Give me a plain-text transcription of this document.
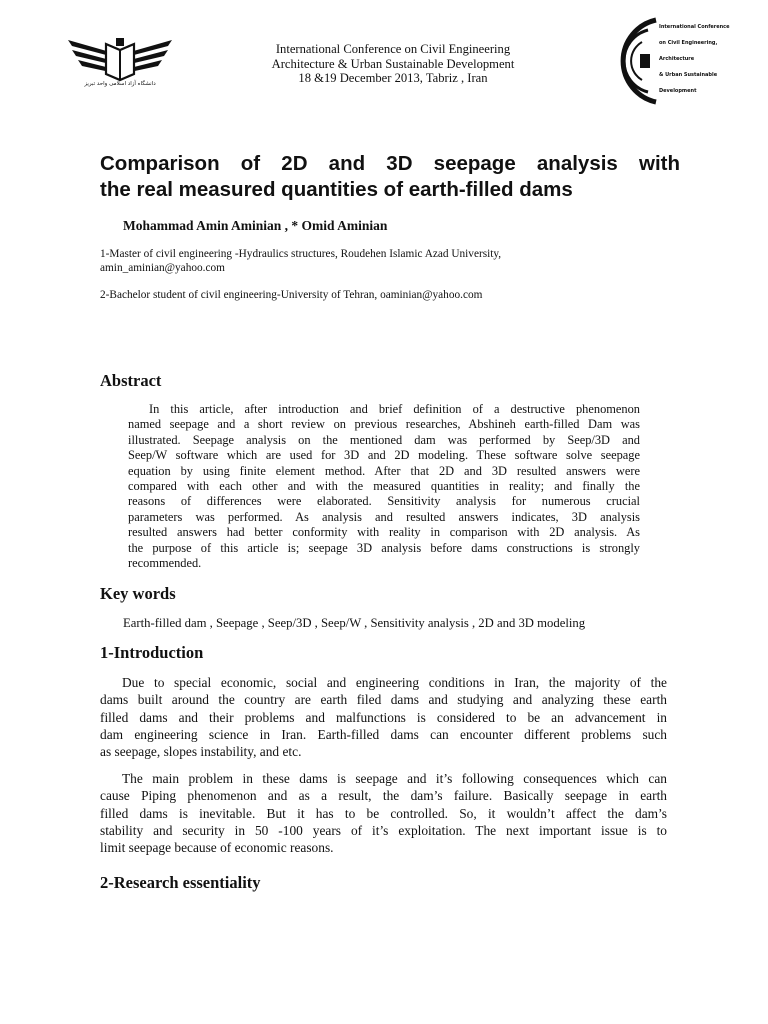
دانشگاه آزاد اسلامی واحد تبریز
International Conference on Civil Engineering
Architecture & Urban Sustainable Development
18 &19 December 2013, Tabriz , Iran
International Conference
on Civil Engineering,
Architecture
& Urban Sustainable
Development
Comparison of 2D and 3D seepage analysis with
the real measured quantities of earth-filled dams
Mohammad Amin Aminian , * Omid Aminian
1-Master of civil engineering -Hydraulics structures, Roudehen Islamic Azad University,
amin_aminian@yahoo.com
2-Bachelor student of civil engineering-University of Tehran, oaminian@yahoo.com
Abstract
In this article, after introduction and brief definition of a destructive phenomenon
named seepage and a short review on previous researches, Abshineh earth-filled Dam was
illustrated. Seepage analysis on the mentioned dam was performed by Seep/3D and
Seep/W software which are used for 3D and 2D modeling. These software solve seepage
equation by using finite element method. After that 2D and 3D resulted answers were
compared with each other and with the measured quantities in reality; and finally the
reasons of differences were elaborated. Sensitivity analysis for numerous crucial
parameters was performed. As analysis and resulted answers indicates, 3D analysis
resulted answers had better conformity with reality in comparison with 2D analysis. As
the purpose of this article is; seepage 3D analysis before dams constructions is strongly
recommended.
Key words
Earth-filled dam , Seepage , Seep/3D , Seep/W , Sensitivity analysis , 2D and 3D modeling
1-Introduction
Due to special economic, social and engineering conditions in Iran, the majority of the
dams built around the country are earth filed dams and studying and analyzing these earth
filled dams and their problems and malfunctions is considered to be an advancement in
dam engineering science in Iran. Earth-filled dams can encounter different problems such
as seepage, slopes instability, and etc.
The main problem in these dams is seepage and it’s following consequences which can
cause Piping phenomenon and as a result, the dam’s failure. Basically seepage in earth
filled dams is inevitable. But it has to be controlled. So, it wouldn’t affect the dam’s
stability and security in 50 -100 years of it’s exploitation. The next important issue is to
limit seepage because of economic reasons.
2-Research essentiality
